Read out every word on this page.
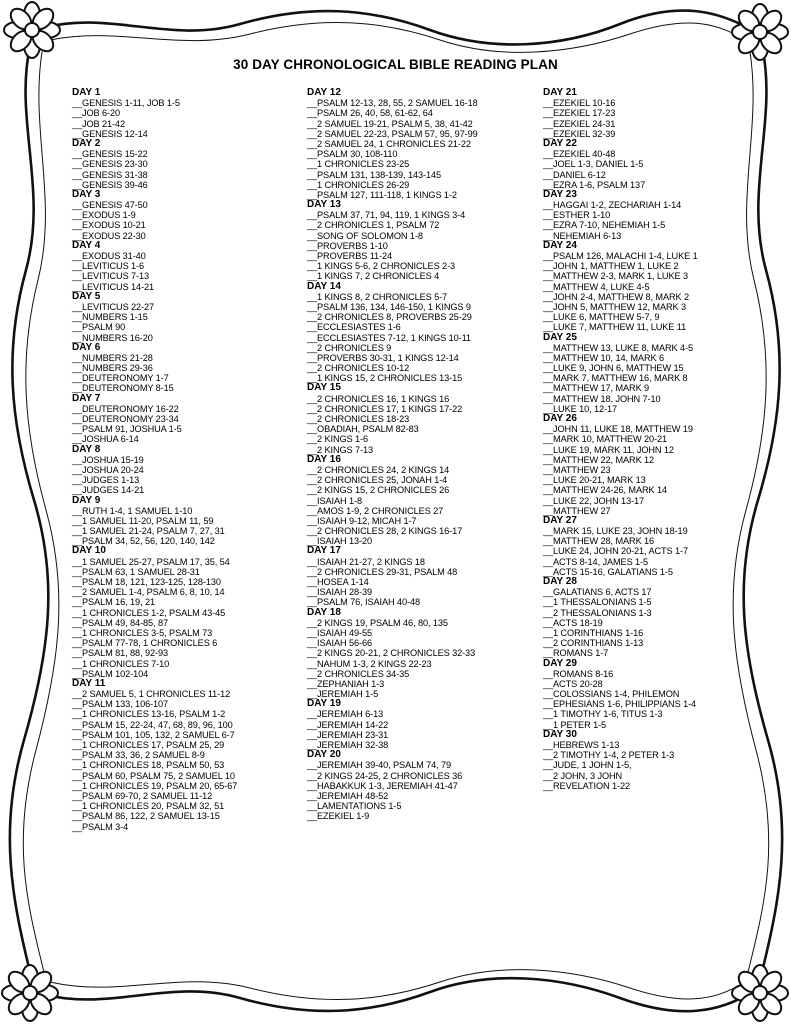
30 DAY CHRONOLOGICAL BIBLE READING PLAN
DAY 1
__GENESIS 1-11, JOB 1-5
__JOB 6-20
__JOB 21-42
__GENESIS 12-14
DAY 2
__GENESIS 15-22
__GENESIS 23-30
__GENESIS 31-38
__GENESIS 39-46
DAY 3
__GENESIS 47-50
__EXODUS 1-9
__EXODUS 10-21
__EXODUS 22-30
DAY 4
__EXODUS 31-40
__LEVITICUS 1-6
__LEVITICUS 7-13
__LEVITICUS 14-21
DAY 5
__LEVITICUS 22-27
__NUMBERS 1-15
__PSALM 90
__NUMBERS 16-20
DAY 6
__NUMBERS 21-28
__NUMBERS 29-36
__DEUTERONOMY 1-7
__DEUTERONOMY 8-15
DAY 7
__DEUTERONOMY 16-22
__DEUTERONOMY 23-34
__PSALM 91, JOSHUA 1-5
__JOSHUA 6-14
DAY 8
__JOSHUA 15-19
__JOSHUA 20-24
__JUDGES 1-13
__JUDGES 14-21
DAY 9
__RUTH 1-4, 1 SAMUEL 1-10
__1 SAMUEL 11-20, PSALM 11, 59
__1 SAMUEL 21-24, PSALM 7, 27, 31
__PSALM 34, 52, 56, 120, 140, 142
DAY 10
__1 SAMUEL 25-27, PSALM 17, 35, 54
__PSALM 63, 1 SAMUEL 28-31
__PSALM 18, 121, 123-125, 128-130
__2 SAMUEL 1-4, PSALM 6, 8, 10, 14
__PSALM 16, 19, 21
__1 CHRONICLES 1-2, PSALM 43-45
__PSALM 49, 84-85, 87
__1 CHRONICLES 3-5, PSALM 73
__PSALM 77-78, 1 CHRONICLES 6
__PSALM 81, 88, 92-93
__1 CHRONICLES 7-10
__PSALM 102-104
DAY 11
__2 SAMUEL 5, 1 CHRONICLES 11-12
__PSALM 133, 106-107
__1 CHRONICLES 13-16, PSALM 1-2
__PSALM 15, 22-24, 47, 68, 89, 96, 100
__PSALM 101, 105, 132, 2 SAMUEL 6-7
__1 CHRONICLES 17, PSALM 25, 29
__PSALM 33, 36, 2 SAMUEL 8-9
__1 CHRONICLES 18, PSALM 50, 53
__PSALM 60, PSALM 75, 2 SAMUEL 10
__1 CHRONICLES 19, PSALM 20, 65-67
__PSALM 69-70, 2 SAMUEL 11-12
__1 CHRONICLES 20, PSALM 32, 51
__PSALM 86, 122, 2 SAMUEL 13-15
__PSALM 3-4
DAY 12
__PSALM 12-13, 28, 55, 2 SAMUEL 16-18
__PSALM 26, 40, 58, 61-62, 64
__2 SAMUEL 19-21, PSALM 5, 38, 41-42
__2 SAMUEL 22-23, PSALM 57, 95, 97-99
__2 SAMUEL 24, 1 CHRONICLES 21-22
__PSALM 30, 108-110
__1 CHRONICLES 23-25
__PSALM 131, 138-139, 143-145
__1 CHRONICLES 26-29
__PSALM 127, 111-118, 1 KINGS 1-2
DAY 13
__PSALM 37, 71, 94, 119, 1 KINGS 3-4
__2 CHRONICLES 1, PSALM 72
__SONG OF SOLOMON 1-8
__PROVERBS 1-10
__PROVERBS 11-24
__1 KINGS 5-6, 2 CHRONICLES 2-3
__1 KINGS 7, 2 CHRONICLES 4
DAY 14
__1 KINGS 8, 2 CHRONICLES 5-7
__PSALM 136, 134, 146-150, 1 KINGS 9
__2 CHRONICLES 8, PROVERBS 25-29
__ECCLESIASTES 1-6
__ECCLESIASTES 7-12, 1 KINGS 10-11
__2 CHRONICLES 9
__PROVERBS 30-31, 1 KINGS 12-14
__2 CHRONICLES 10-12
__1 KINGS 15, 2 CHRONICLES 13-15
DAY 15
__2 CHRONICLES 16, 1 KINGS 16
__2 CHRONICLES 17, 1 KINGS 17-22
__2 CHRONICLES 18-23
__OBADIAH, PSALM 82-83
__2 KINGS 1-6
__2 KINGS 7-13
DAY 16
__2 CHRONICLES 24, 2 KINGS 14
__2 CHRONICLES 25, JONAH 1-4
__2 KINGS 15, 2 CHRONICLES 26
__ISAIAH 1-8
__AMOS 1-9, 2 CHRONICLES 27
__ISAIAH 9-12, MICAH 1-7
__2 CHRONICLES 28, 2 KINGS 16-17
__ISAIAH 13-20
DAY 17
__ISAIAH 21-27, 2 KINGS 18
__2 CHRONICLES 29-31, PSALM 48
__HOSEA 1-14
__ISAIAH 28-39
__PSALM 76, ISAIAH 40-48
DAY 18
__2 KINGS 19, PSALM 46, 80, 135
__ISAIAH 49-55
__ISAIAH 56-66
__2 KINGS 20-21, 2 CHRONICLES 32-33
__NAHUM 1-3, 2 KINGS 22-23
__2 CHRONICLES 34-35
__ZEPHANIAH 1-3
__JEREMIAH 1-5
DAY 19
__JEREMIAH 6-13
__JEREMIAH 14-22
__JEREMIAH 23-31
__JEREMIAH 32-38
DAY 20
__JEREMIAH 39-40, PSALM 74, 79
__2 KINGS 24-25, 2 CHRONICLES 36
__HABAKKUK 1-3, JEREMIAH 41-47
__JEREMIAH 48-52
__LAMENTATIONS 1-5
__EZEKIEL 1-9
DAY 21
__EZEKIEL 10-16
__EZEKIEL 17-23
__EZEKIEL 24-31
__EZEKIEL 32-39
DAY 22
__EZEKIEL 40-48
__JOEL 1-3, DANIEL 1-5
__DANIEL 6-12
__EZRA 1-6, PSALM 137
DAY 23
__HAGGAI 1-2, ZECHARIAH 1-14
__ESTHER 1-10
__EZRA 7-10, NEHEMIAH 1-5
__NEHEMIAH 6-13
DAY 24
__PSALM 126, MALACHI 1-4, LUKE 1
__JOHN 1, MATTHEW 1, LUKE 2
__MATTHEW 2-3, MARK 1, LUKE 3
__MATTHEW 4, LUKE 4-5
__JOHN 2-4, MATTHEW 8, MARK 2
__JOHN 5, MATTHEW 12, MARK 3
__LUKE 6, MATTHEW 5-7, 9
__LUKE 7, MATTHEW 11, LUKE 11
DAY 25
__MATTHEW 13, LUKE 8, MARK 4-5
__MATTHEW 10, 14, MARK 6
__LUKE 9, JOHN 6, MATTHEW 15
__MARK 7, MATTHEW 16, MARK 8
__MATTHEW 17, MARK 9
__MATTHEW 18, JOHN 7-10
__LUKE 10, 12-17
DAY 26
__JOHN 11, LUKE 18, MATTHEW 19
__MARK 10, MATTHEW 20-21
__LUKE 19, MARK 11, JOHN 12
__MATTHEW 22, MARK 12
__MATTHEW 23
__LUKE 20-21, MARK 13
__MATTHEW 24-26, MARK 14
__LUKE 22, JOHN 13-17
__MATTHEW 27
DAY 27
__MARK 15, LUKE 23, JOHN 18-19
__MATTHEW 28, MARK 16
__LUKE 24, JOHN 20-21, ACTS 1-7
__ACTS 8-14, JAMES 1-5
__ACTS 15-16, GALATIANS 1-5
DAY 28
__GALATIANS 6, ACTS 17
__1 THESSALONIANS 1-5
__2 THESSALONIANS 1-3
__ACTS 18-19
__1 CORINTHIANS 1-16
__2 CORINTHIANS 1-13
__ROMANS 1-7
DAY 29
__ROMANS 8-16
__ACTS 20-28
__COLOSSIANS 1-4, PHILEMON
__EPHESIANS 1-6, PHILIPPIANS 1-4
__1 TIMOTHY 1-6, TITUS 1-3
__1 PETER 1-5
DAY 30
__HEBREWS 1-13
__2 TIMOTHY 1-4, 2 PETER 1-3
__JUDE, 1 JOHN 1-5,
__2 JOHN, 3 JOHN
__REVELATION 1-22
